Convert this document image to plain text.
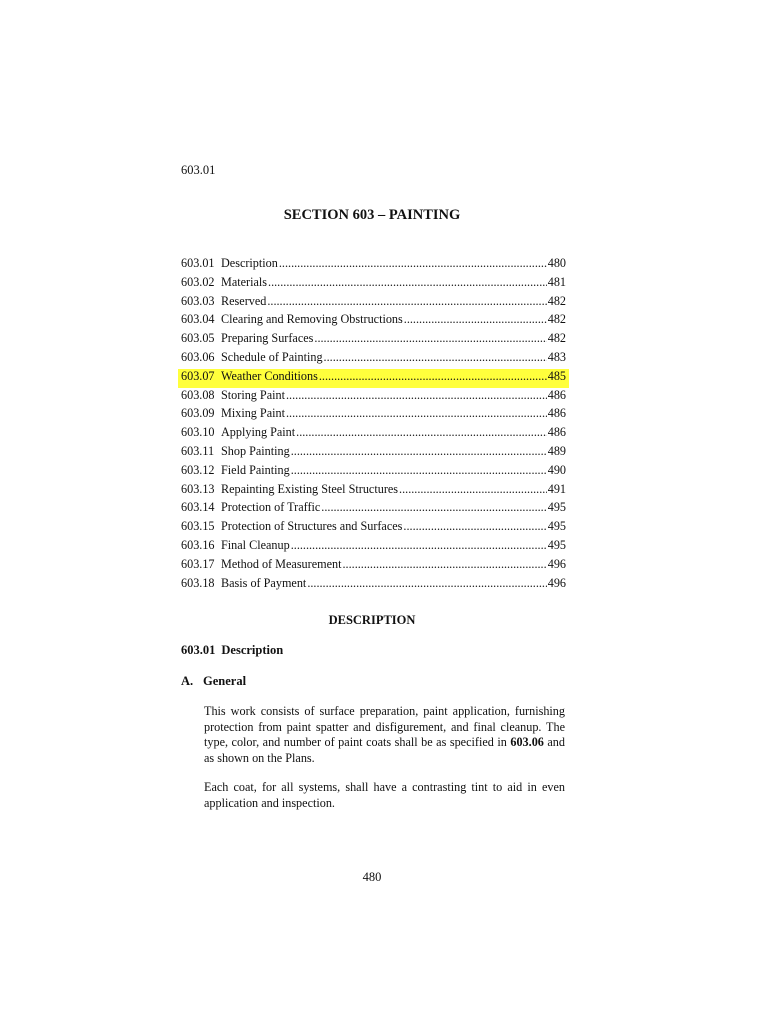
603.01
SECTION 603 – PAINTING
603.01 Description .....	480
603.02 Materials .....	481
603.03 Reserved .....	482
603.04 Clearing and Removing Obstructions .....	482
603.05 Preparing Surfaces .....	482
603.06 Schedule of Painting .....	483
603.07 Weather Conditions .....	485
603.08 Storing Paint .....	486
603.09 Mixing Paint .....	486
603.10 Applying Paint .....	486
603.11 Shop Painting .....	489
603.12 Field Painting .....	490
603.13 Repainting Existing Steel Structures .....	491
603.14 Protection of Traffic .....	495
603.15 Protection of Structures and Surfaces .....	495
603.16 Final Cleanup .....	495
603.17 Method of Measurement .....	496
603.18 Basis of Payment .....	496
DESCRIPTION
603.01 Description
A. General
This work consists of surface preparation, paint application, furnishing protection from paint spatter and disfigurement, and final cleanup. The type, color, and number of paint coats shall be as specified in 603.06 and as shown on the Plans.
Each coat, for all systems, shall have a contrasting tint to aid in even application and inspection.
480
